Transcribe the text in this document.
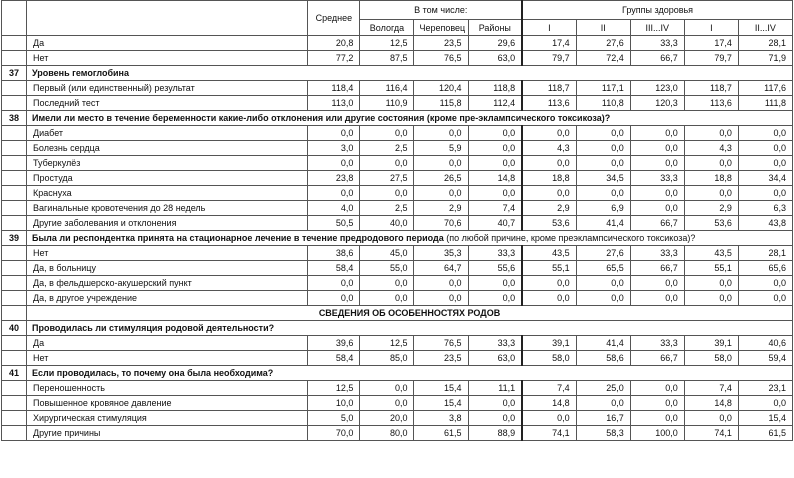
		Среднее	В том числе:			Группы здоровья				
			Вологда	Череповец	Районы	I	II	III...IV	I	II...IV
	Да	20,8	12,5	23,5	29,6	17,4	27,6	33,3	17,4	28,1
	Нет	77,2	87,5	76,5	63,0	79,7	72,4	66,7	79,7	71,9
37	Уровень гемоглобина									
	Первый (или единственный) результат	118,4	116,4	120,4	118,8	118,7	117,1	123,0	118,7	117,6
	Последний тест	113,0	110,9	115,8	112,4	113,6	110,8	120,3	113,6	111,8
38	Имели ли место в течение беременности какие-либо отклонения или другие состояния (кроме пре-эклампсического токсикоза)?									
	Диабет	0,0	0,0	0,0	0,0	0,0	0,0	0,0	0,0	0,0
	Болезнь сердца	3,0	2,5	5,9	0,0	4,3	0,0	0,0	4,3	0,0
	Туберкулёз	0,0	0,0	0,0	0,0	0,0	0,0	0,0	0,0	0,0
	Простуда	23,8	27,5	26,5	14,8	18,8	34,5	33,3	18,8	34,4
	Краснуха	0,0	0,0	0,0	0,0	0,0	0,0	0,0	0,0	0,0
	Вагинальные кровотечения до 28 недель	4,0	2,5	2,9	7,4	2,9	6,9	0,0	2,9	6,3
	Другие заболевания и отклонения	50,5	40,0	70,6	40,7	53,6	41,4	66,7	53,6	43,8
39	Была ли респондентка принята на стационарное лечение в течение предродового периода (по любой причине, кроме преэклампсического токсикоза)?									
	Нет	38,6	45,0	35,3	33,3	43,5	27,6	33,3	43,5	28,1
	Да, в больницу	58,4	55,0	64,7	55,6	55,1	65,5	66,7	55,1	65,6
	Да, в фельдшерско-акушерский пункт	0,0	0,0	0,0	0,0	0,0	0,0	0,0	0,0	0,0
	Да, в другое учреждение	0,0	0,0	0,0	0,0	0,0	0,0	0,0	0,0	0,0
	СВЕДЕНИЯ ОБ ОСОБЕННОСТЯХ РОДОВ									
40	Проводилась ли стимуляция родовой деятельности?									
	Да	39,6	12,5	76,5	33,3	39,1	41,4	33,3	39,1	40,6
	Нет	58,4	85,0	23,5	63,0	58,0	58,6	66,7	58,0	59,4
41	Если проводилась, то почему она была необходима?									
	Переношенность	12,5	0,0	15,4	11,1	7,4	25,0	0,0	7,4	23,1
	Повышенное кровяное давление	10,0	0,0	15,4	0,0	14,8	0,0	0,0	14,8	0,0
	Хирургическая стимуляция	5,0	20,0	3,8	0,0	0,0	16,7	0,0	0,0	15,4
	Другие причины	70,0	80,0	61,5	88,9	74,1	58,3	100,0	74,1	61,5
